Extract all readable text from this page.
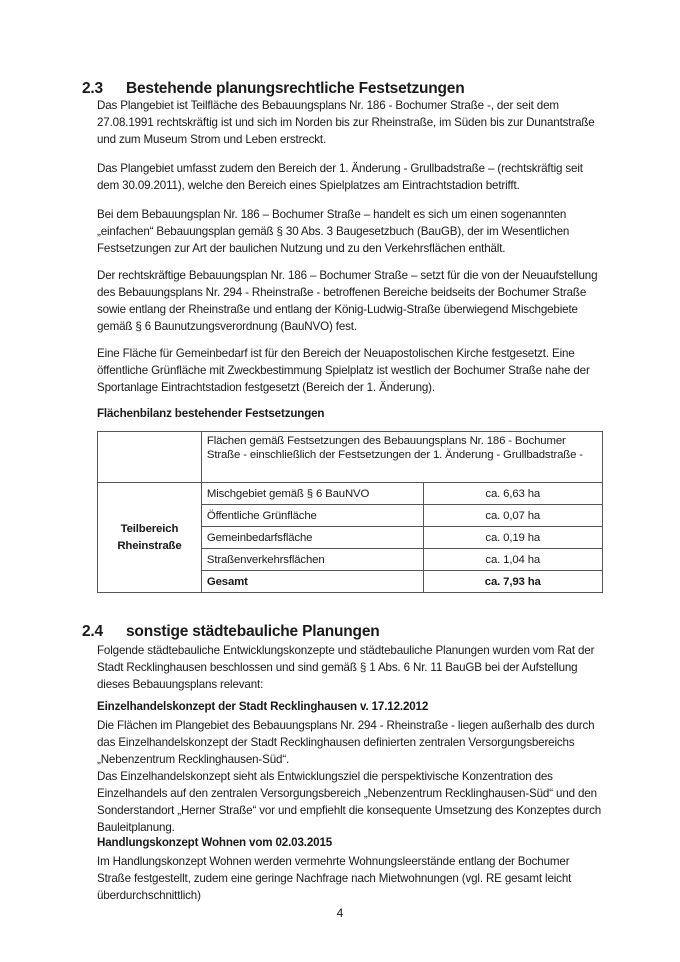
2.3 Bestehende planungsrechtliche Festsetzungen
Das Plangebiet ist Teilfläche des Bebauungsplans Nr. 186 - Bochumer Straße -, der seit dem 27.08.1991 rechtskräftig ist und sich im Norden bis zur Rheinstraße, im Süden bis zur Dunantstraße und zum Museum Strom und Leben erstreckt.
Das Plangebiet umfasst zudem den Bereich der 1. Änderung - Grullbadstraße – (rechtskräftig seit dem 30.09.2011), welche den Bereich eines Spielplatzes am Eintrachtstadion betrifft.
Bei dem Bebauungsplan Nr. 186 – Bochumer Straße – handelt es sich um einen sogenannten „einfachen“ Bebauungsplan gemäß § 30 Abs. 3 Baugesetzbuch (BauGB), der im Wesentlichen Festsetzungen zur Art der baulichen Nutzung und zu den Verkehrsflächen enthält.
Der rechtskräftige Bebauungsplan Nr. 186 – Bochumer Straße – setzt für die von der Neuaufstellung des Bebauungsplans Nr. 294 - Rheinstraße - betroffenen Bereiche beidseits der Bochumer Straße sowie entlang der Rheinstraße und entlang der König-Ludwig-Straße überwiegend Mischgebiete gemäß § 6 Baunutzungsverordnung (BauNVO) fest.
Eine Fläche für Gemeinbedarf ist für den Bereich der Neuapostolischen Kirche festgesetzt. Eine öffentliche Grünfläche mit Zweckbestimmung Spielplatz ist westlich der Bochumer Straße nahe der Sportanlage Eintrachtstadion festgesetzt (Bereich der 1. Änderung).
Flächenbilanz bestehender Festsetzungen
	Flächen gemäß Festsetzungen des Bebauungsplans Nr. 186 - Bochumer Straße - einschließlich der Festsetzungen der 1. Änderung - Grullbadstraße -	
Teilbereich Rheinstraße	Mischgebiet gemäß § 6 BauNVO	ca. 6,63 ha
	Öffentliche Grünfläche	ca. 0,07 ha
	Gemeinbedarfsfläche	ca. 0,19 ha
	Straßenverkehrsflächen	ca. 1,04 ha
	Gesamt	ca. 7,93 ha
2.4 sonstige städtebauliche Planungen
Folgende städtebauliche Entwicklungskonzepte und städtebauliche Planungen wurden vom Rat der Stadt Recklinghausen beschlossen und sind gemäß § 1 Abs. 6 Nr. 11 BauGB bei der Aufstellung dieses Bebauungsplans relevant:
Einzelhandelskonzept der Stadt Recklinghausen v. 17.12.2012
Die Flächen im Plangebiet des Bebauungsplans Nr. 294 - Rheinstraße - liegen außerhalb des durch das Einzelhandelskonzept der Stadt Recklinghausen definierten zentralen Versorgungsbereichs „Nebenzentrum Recklinghausen-Süd“.
Das Einzelhandelskonzept sieht als Entwicklungsziel die perspektivische Konzentration des Einzelhandels auf den zentralen Versorgungsbereich „Nebenzentrum Recklinghausen-Süd“ und den Sonderstandort „Herner Straße“ vor und empfiehlt die konsequente Umsetzung des Konzeptes durch Bauleitplanung.
Handlungskonzept Wohnen vom 02.03.2015
Im Handlungskonzept Wohnen werden vermehrte Wohnungsleerstände entlang der Bochumer Straße festgestellt, zudem eine geringe Nachfrage nach Mietwohnungen (vgl. RE gesamt leicht überdurchschnittlich)
4
